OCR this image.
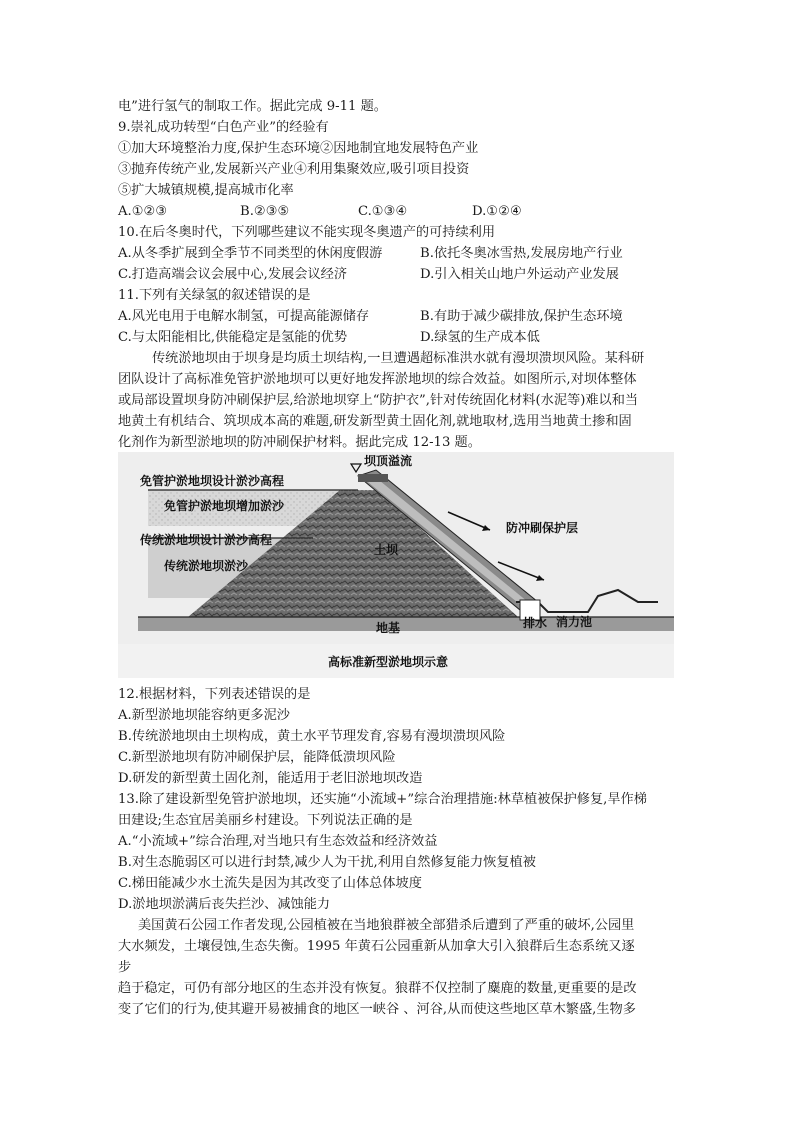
电”进行氢气的制取工作。据此完成 9-11 题。
9.崇礼成功转型“白色产业”的经验有
①加大环境整治力度,保护生态环境②因地制宜地发展特色产业
③抛弃传统产业,发展新兴产业④利用集聚效应,吸引项目投资
⑤扩大城镇规模,提高城市化率
A.①②③	B.②③⑤	C.①③④	D.①②④
10.在后冬奥时代，下列哪些建议不能实现冬奥遗产的可持续利用
A.从冬季扩展到全季节不同类型的休闲度假游	B.依托冬奥冰雪热,发展房地产行业
C.打造高端会议会展中心,发展会议经济	D.引入相关山地户外运动产业发展
11.下列有关绿氢的叙述错误的是
A.风光电用于电解水制氢，可提高能源储存	B.有助于减少碳排放,保护生态环境
C.与太阳能相比,供能稳定是氢能的优势	D.绿氢的生产成本低
传统淤地坝由于坝身是均质土坝结构,一旦遭遇超标准洪水就有漫坝溃坝风险。某科研
团队设计了高标准免管护淤地坝可以更好地发挥淤地坝的综合效益。如图所示,对坝体整体
或局部设置坝身防冲刷保护层,给淤地坝穿上“防护衣”,针对传统固化材料(水泥等)难以和当
地黄土有机结合、筑坝成本高的难题,研发新型黄土固化剂,就地取材,选用当地黄土掺和固
化剂作为新型淤地坝的防冲刷保护材料。据此完成 12-13 题。
免管护淤地坝设计淤沙高程
免管护淤地坝增加淤沙
传统淤地坝设计淤沙高程
传统淤地坝淤沙
坝顶溢流
防冲刷保护层
土坝
地基	排水 消力池
高标准新型淤地坝示意
12.根据材料，下列表述错误的是
A.新型淤地坝能容纳更多泥沙
B.传统淤地坝由土坝构成，黄土水平节理发育,容易有漫坝溃坝风险
C.新型淤地坝有防冲刷保护层，能降低溃坝风险
D.研发的新型黄土固化剂，能适用于老旧淤地坝改造
13.除了建设新型免管护淤地坝，还实施“小流域+”综合治理措施:林草植被保护修复,旱作梯
田建设;生态宜居美丽乡村建设。下列说法正确的是
A.“小流域+”综合治理,对当地只有生态效益和经济效益
B.对生态脆弱区可以进行封禁,减少人为干扰,利用自然修复能力恢复植被
C.梯田能减少水土流失是因为其改变了山体总体坡度
D.淤地坝淤满后丧失拦沙、减蚀能力
美国黄石公园工作者发现,公园植被在当地狼群被全部猎杀后遭到了严重的破坏,公园里
大水频发，土壤侵蚀,生态失衡。1995 年黄石公园重新从加拿大引入狼群后生态系统又逐
步
趋于稳定，可仍有部分地区的生态并没有恢复。狼群不仅控制了麋鹿的数量,更重要的是改
变了它们的行为,使其避开易被捕食的地区一峡谷 、河谷,从而使这些地区草木繁盛,生物多
